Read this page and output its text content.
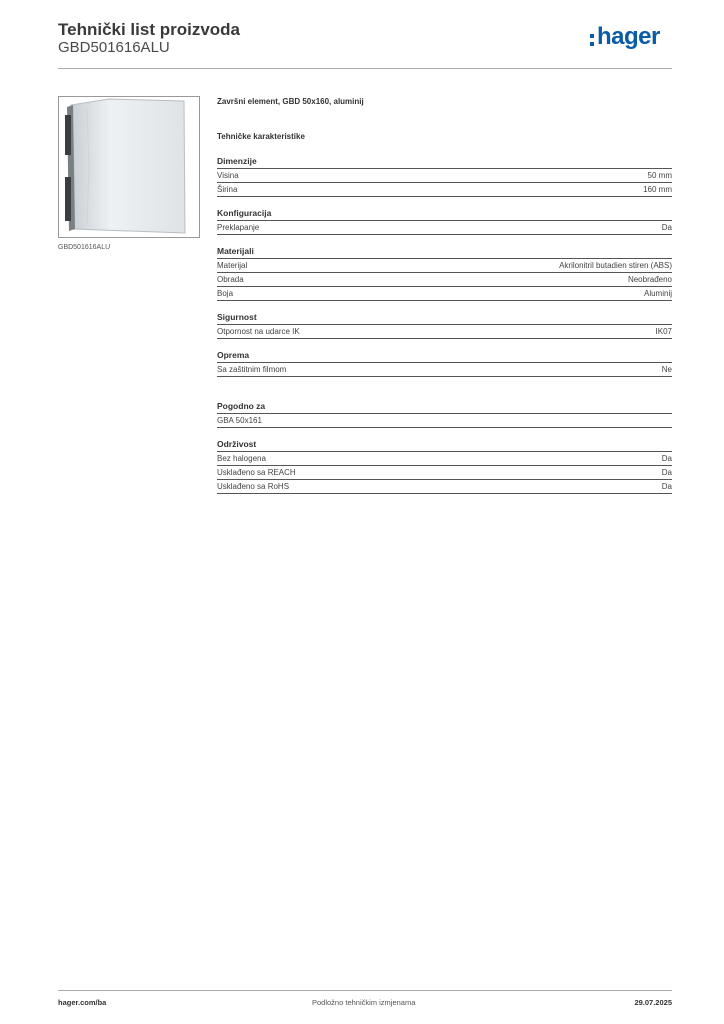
Tehnički list proizvoda
GBD501616ALU	hager
GBD501616ALU
Završni element, GBD 50x160, aluminij
Tehničke karakteristike
Dimenzije
Visina	50 mm
Širina	160 mm
Konfiguracija
Preklapanje	Da
Materijali
Materijal	Akrilonitril butadien stiren (ABS)
Obrada	Neobrađeno
Boja	Aluminij
Sigurnost
Otpornost na udarce IK	IK07
Oprema
Sa zaštitnim filmom	Ne
Pogodno za
GBA 50x161
Održivost
Bez halogena	Da
Usklađeno sa REACH	Da
Usklađeno sa RoHS	Da
hager.com/ba	Podložno tehničkim izmjenama	29.07.2025
